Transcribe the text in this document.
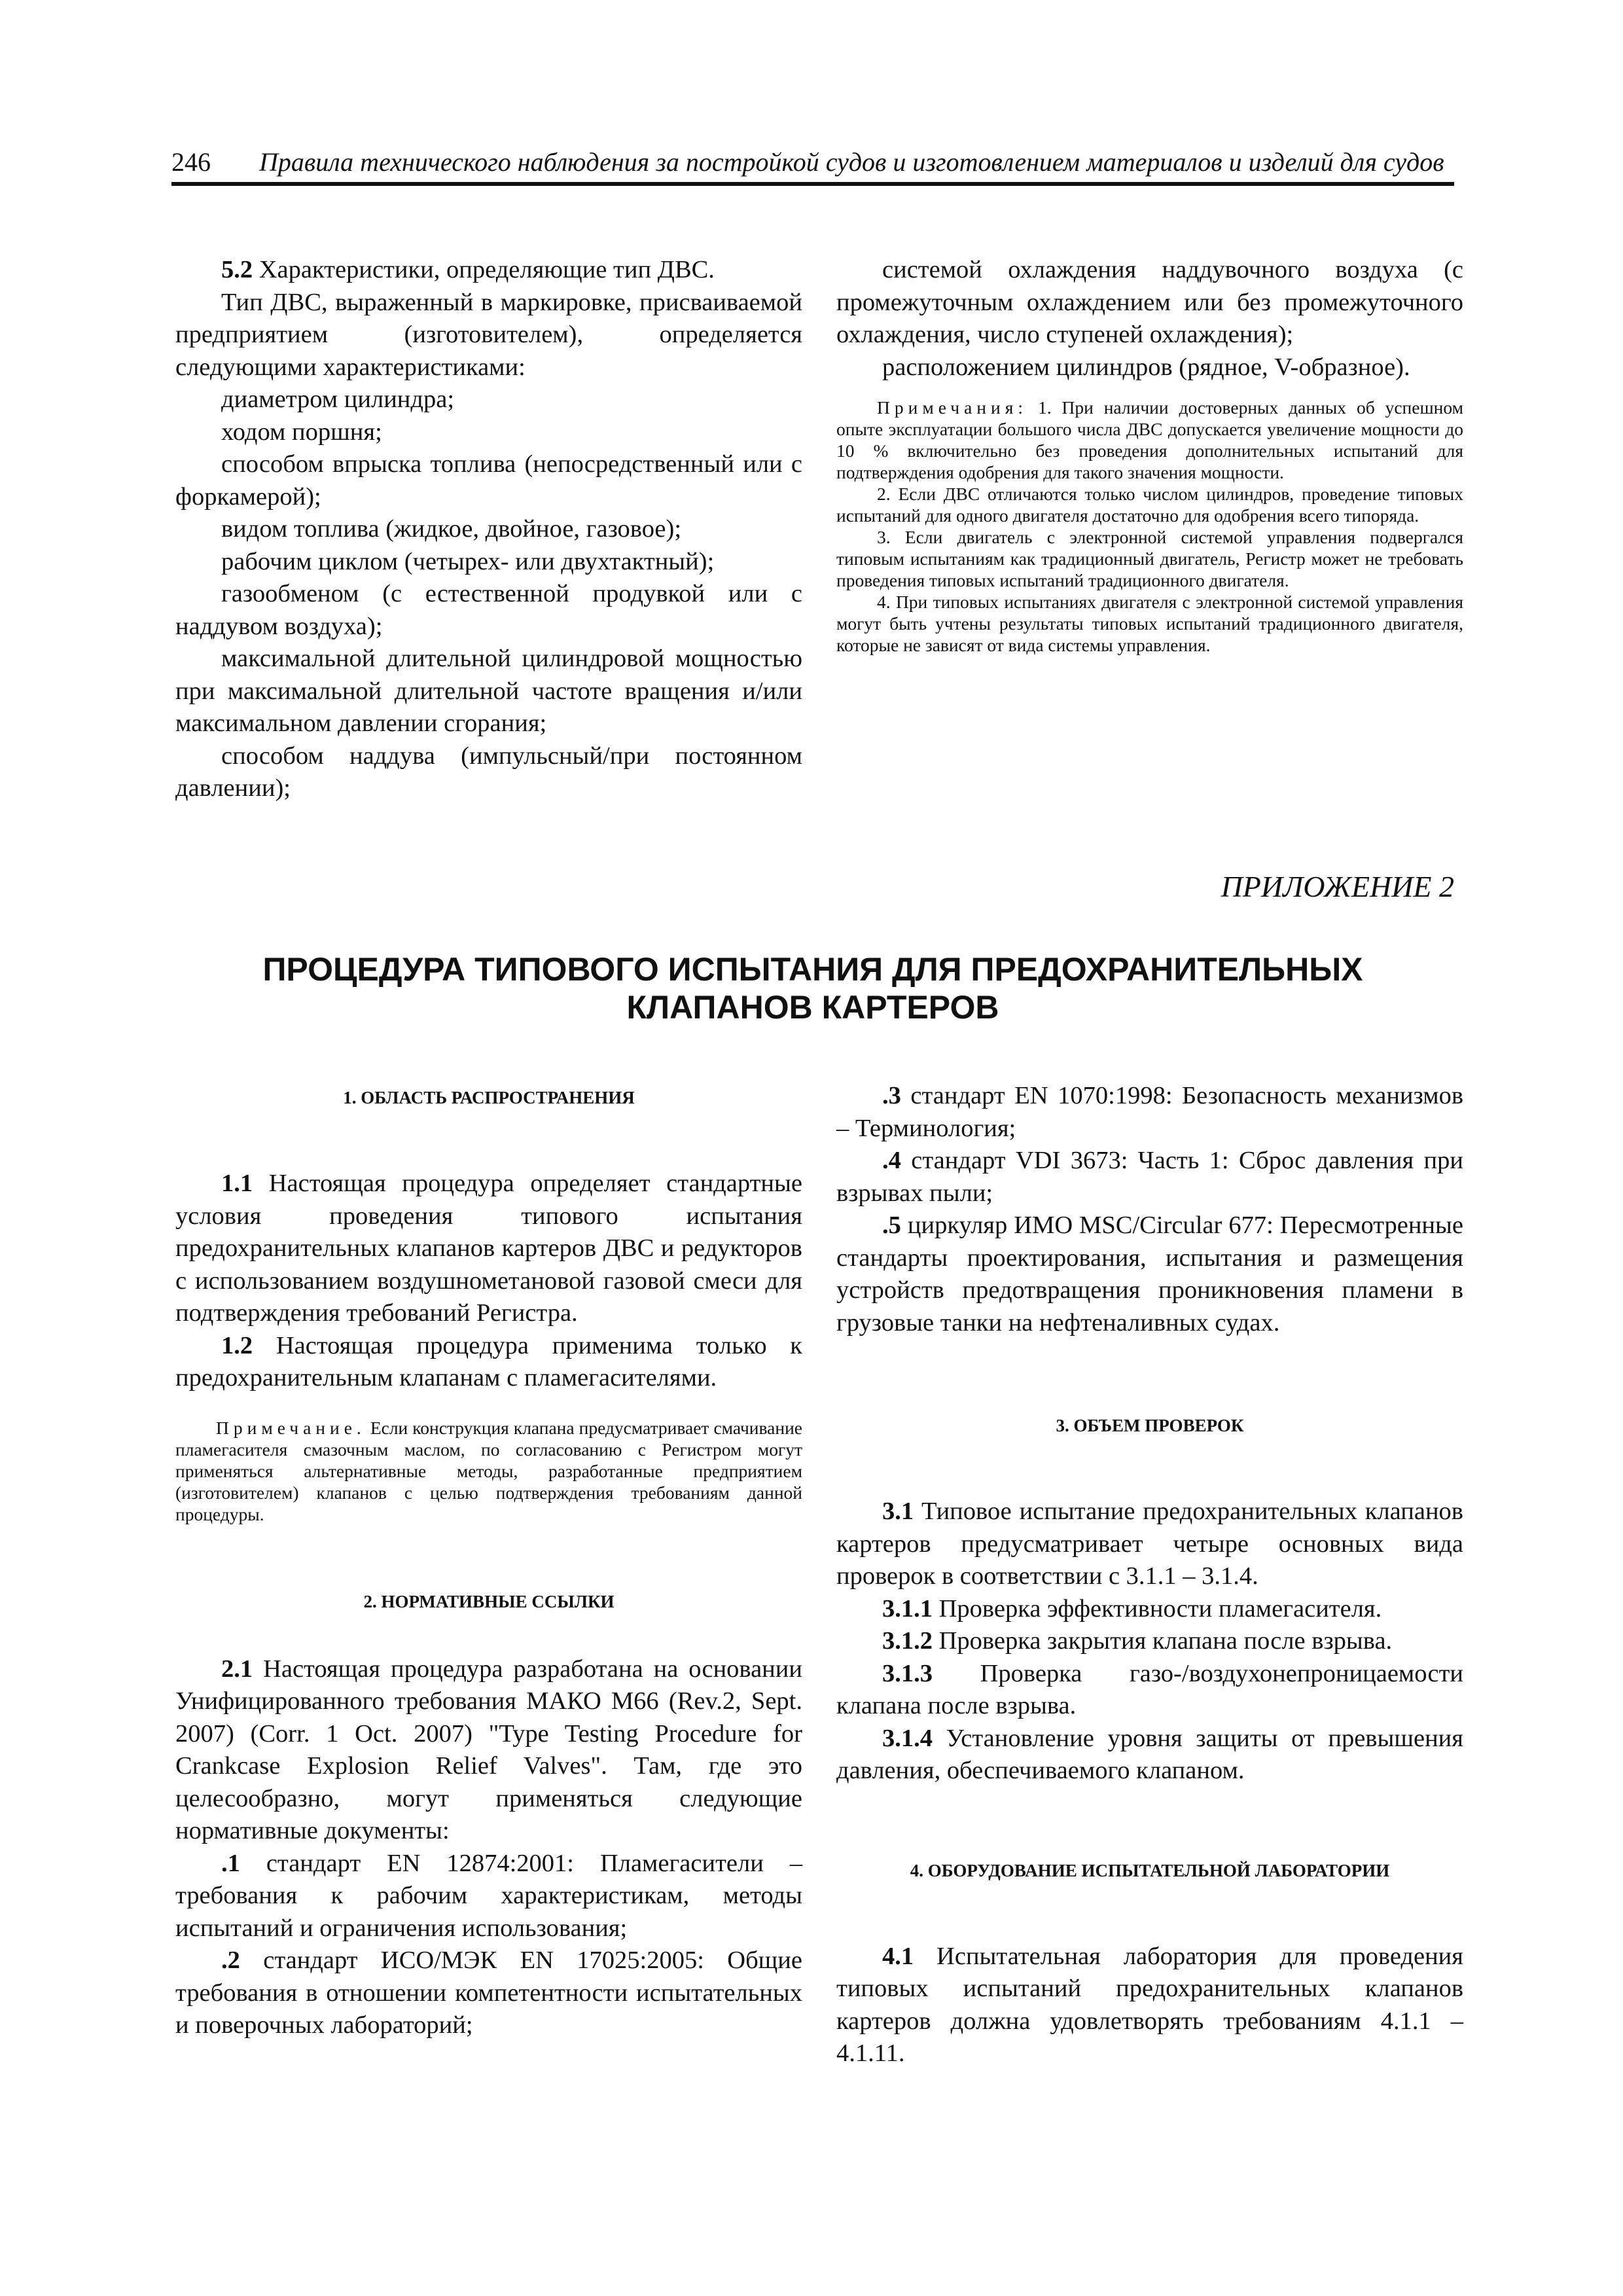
246 Правила технического наблюдения за постройкой судов и изготовлением материалов и изделий для судов

5.2 Характеристики, определяющие тип ДВС.

Тип ДВС, выраженный в маркировке, присваиваемой предприятием (изготовителем), определяется следующими характеристиками:

диаметром цилиндра;

ходом поршня;

способом впрыска топлива (непосредственный или с форкамерой);

видом топлива (жидкое, двойное, газовое);

рабочим циклом (четырех- или двухтактный);

газообменом (с естественной продувкой или с наддувом воздуха);

максимальной длительной цилиндровой мощностью при максимальной длительной частоте вращения и/или максимальном давлении сгорания;

способом наддува (импульсный/при постоянном давлении);

системой охлаждения наддувочного воздуха (с промежуточным охлаждением или без промежуточного охлаждения, число ступеней охлаждения);

расположением цилиндров (рядное, V-образное).

Примечания: 1. При наличии достоверных данных об успешном опыте эксплуатации большого числа ДВС допускается увеличение мощности до 10 % включительно без проведения дополнительных испытаний для подтверждения одобрения для такого значения мощности.

2. Если ДВС отличаются только числом цилиндров, проведение типовых испытаний для одного двигателя достаточно для одобрения всего типоряда.

3. Если двигатель с электронной системой управления подвергался типовым испытаниям как традиционный двигатель, Регистр может не требовать проведения типовых испытаний традиционного двигателя.

4. При типовых испытаниях двигателя с электронной системой управления могут быть учтены результаты типовых испытаний традиционного двигателя, которые не зависят от вида системы управления.

ПРИЛОЖЕНИЕ 2
ПРОЦЕДУРА ТИПОВОГО ИСПЫТАНИЯ ДЛЯ ПРЕДОХРАНИТЕЛЬНЫХ
КЛАПАНОВ КАРТЕРОВ

1. ОБЛАСТЬ РАСПРОСТРАНЕНИЯ

1.1 Настоящая процедура определяет стандартные условия проведения типового испытания предохранительных клапанов картеров ДВС и редукторов с использованием воздушнометановой газовой смеси для подтверждения требований Регистра.

1.2 Настоящая процедура применима только к предохранительным клапанам с пламегасителями.

Примечание. Если конструкция клапана предусматривает смачивание пламегасителя смазочным маслом, по согласованию с Регистром могут применяться альтернативные методы, разработанные предприятием (изготовителем) клапанов с целью подтверждения требованиям данной процедуры.

2. НОРМАТИВНЫЕ ССЫЛКИ

2.1 Настоящая процедура разработана на основании Унифицированного требования МАКО М66 (Rev.2, Sept. 2007) (Corr. 1 Oct. 2007) "Type Testing Procedure for Crankcase Explosion Relief Valves". Там, где это целесообразно, могут применяться следующие нормативные документы:

.1 стандарт EN 12874:2001: Пламегасители – требования к рабочим характеристикам, методы испытаний и ограничения использования;

.2 стандарт ИСО/МЭК EN 17025:2005: Общие требования в отношении компетентности испытательных и поверочных лабораторий;

.3 стандарт EN 1070:1998: Безопасность механизмов – Терминология;

.4 стандарт VDI 3673: Часть 1: Сброс давления при взрывах пыли;

.5 циркуляр ИМО MSC/Circular 677: Пересмотренные стандарты проектирования, испытания и размещения устройств предотвращения проникновения пламени в грузовые танки на нефтеналивных судах.

3. ОБЪЕМ ПРОВЕРОК

3.1 Типовое испытание предохранительных клапанов картеров предусматривает четыре основных вида проверок в соответствии с 3.1.1 – 3.1.4.

3.1.1 Проверка эффективности пламегасителя.

3.1.2 Проверка закрытия клапана после взрыва.

3.1.3 Проверка газо-/воздухонепроницаемости клапана после взрыва.

3.1.4 Установление уровня защиты от превышения давления, обеспечиваемого клапаном.

4. ОБОРУДОВАНИЕ ИСПЫТАТЕЛЬНОЙ ЛАБОРАТОРИИ

4.1 Испытательная лаборатория для проведения типовых испытаний предохранительных клапанов картеров должна удовлетворять требованиям 4.1.1 – 4.1.11.
